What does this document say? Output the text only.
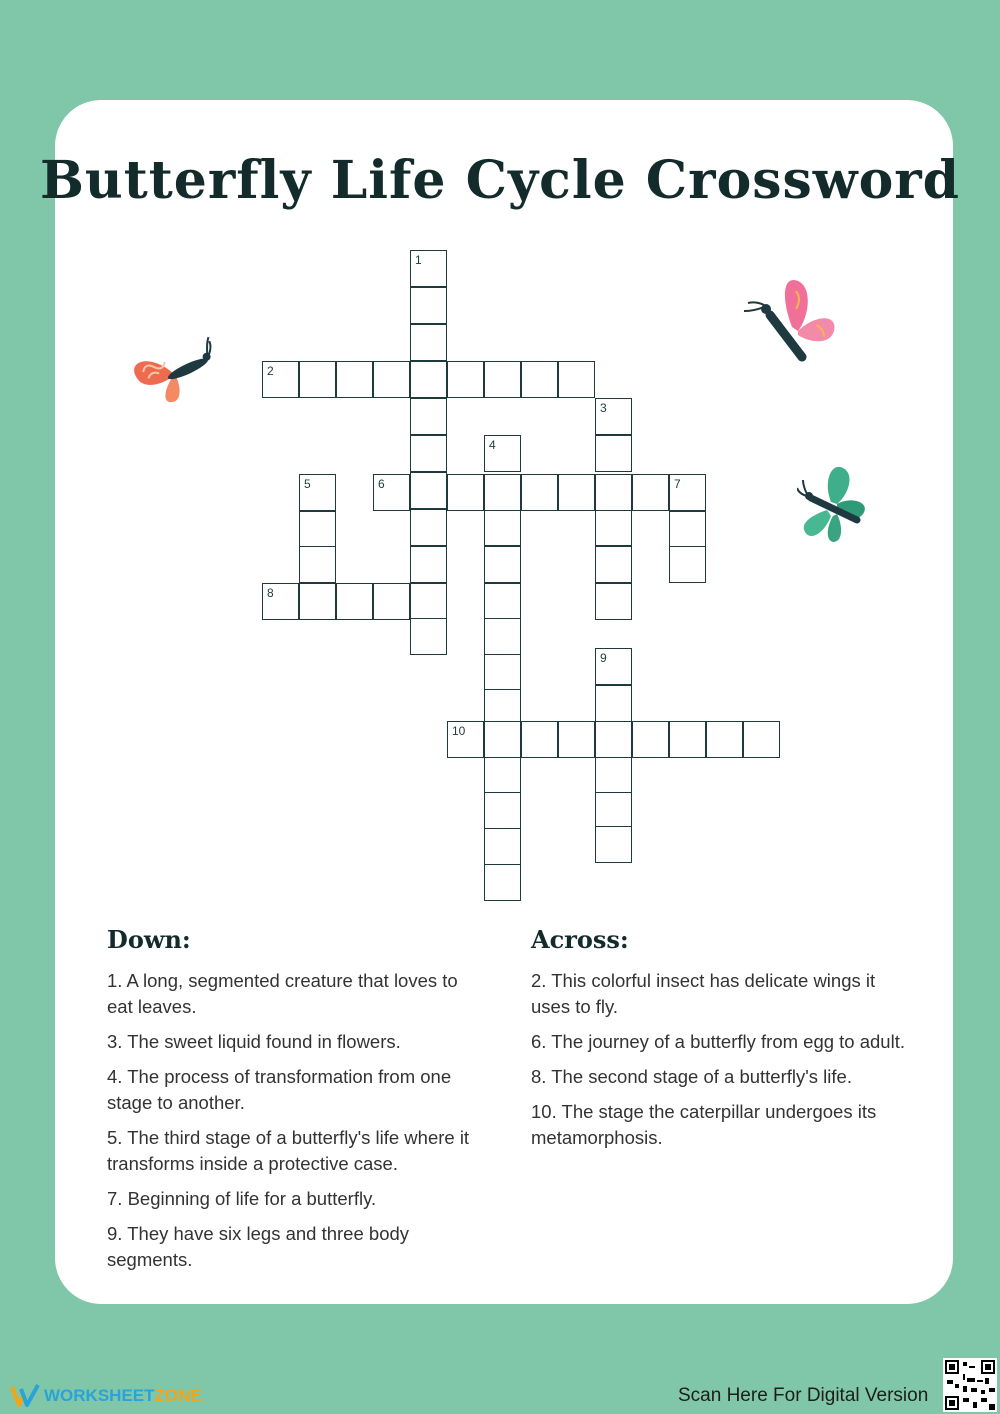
Butterfly Life Cycle Crossword
1
2
3
4
5	6	7
8
9
10
Down:
1. A long, segmented creature that loves to eat leaves.
3. The sweet liquid found in flowers.
4. The process of transformation from one stage to another.
5. The third stage of a butterfly's life where it transforms inside a protective case.
7. Beginning of life for a butterfly.
9. They have six legs and three body segments.
Across:
2. This colorful insect has delicate wings it uses to fly.
6. The journey of a butterfly from egg to adult.
8. The second stage of a butterfly's life.
10. The stage the caterpillar undergoes its metamorphosis.
WORKSHEET ZONE	Scan Here For Digital Version
